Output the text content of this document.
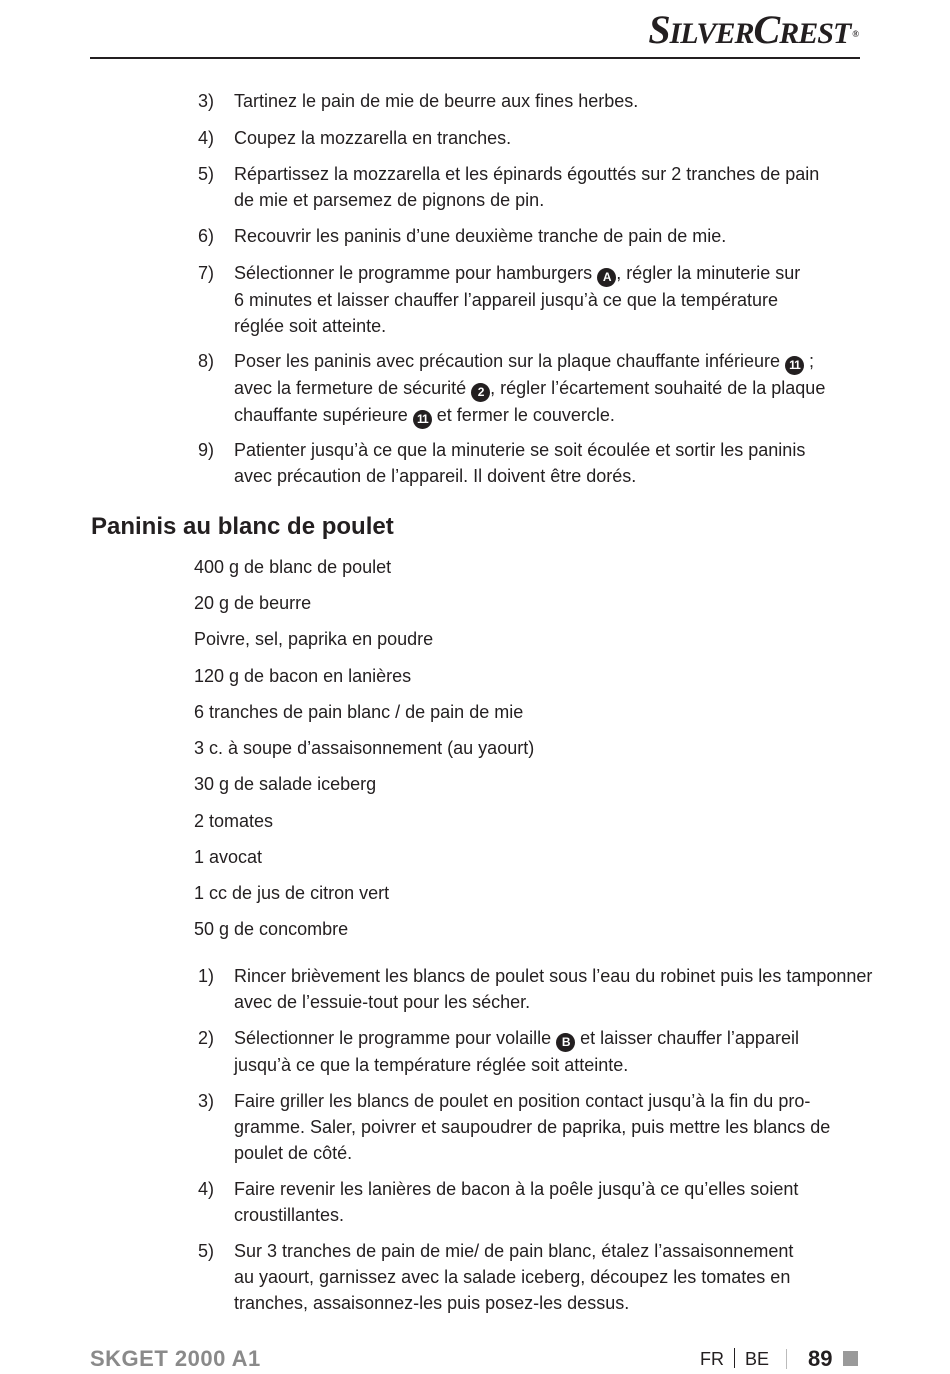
SILVERCREST ®
3)	Tartinez le pain de mie de beurre aux fines herbes.
4)	Coupez la mozzarella en tranches.
5)	Répartissez la mozzarella et les épinards égouttés sur 2 tranches de pain
de mie et parsemez de pignons de pin.
6)	Recouvrir les paninis d’une deuxième tranche de pain de mie.
7)	Sélectionner le programme pour hamburgers A , régler la minuterie sur
6 minutes et laisser chauffer l’appareil jusqu’à ce que la température
réglée soit atteinte.
8)	Poser les paninis avec précaution sur la plaque chauffante inférieure 11 ;
avec la fermeture de sécurité 2 , régler l’écartement souhaité de la plaque
chauffante supérieure 11 et fermer le couvercle.
9)	Patienter jusqu’à ce que la minuterie se soit écoulée et sortir les paninis
avec précaution de l’appareil. Il doivent être dorés.
Paninis au blanc de poulet
400 g de blanc de poulet
20 g de beurre
Poivre, sel, paprika en poudre
120 g de bacon en lanières
6 tranches de pain blanc / de pain de mie
3 c. à soupe d’assaisonnement (au yaourt)
30 g de salade iceberg
2 tomates
1 avocat
1 cc de jus de citron vert
50 g de concombre
1)	Rincer brièvement les blancs de poulet sous l’eau du robinet puis les tamponner
avec de l’essuie-tout pour les sécher.
2)	Sélectionner le programme pour volaille B et laisser chauffer l’appareil
jusqu’à ce que la température réglée soit atteinte.
3)	Faire griller les blancs de poulet en position contact jusqu’à la fin du pro-
gramme. Saler, poivrer et saupoudrer de paprika, puis mettre les blancs de
poulet de côté.
4)	Faire revenir les lanières de bacon à la poêle jusqu’à ce qu’elles soient
croustillantes.
5)	Sur 3 tranches de pain de mie/ de pain blanc, étalez l’assaisonnement
au yaourt, garnissez avec la salade iceberg, découpez les tomates en
tranches, assaisonnez-les puis posez-les dessus.
SKGET 2000 A1	FR BE 89
